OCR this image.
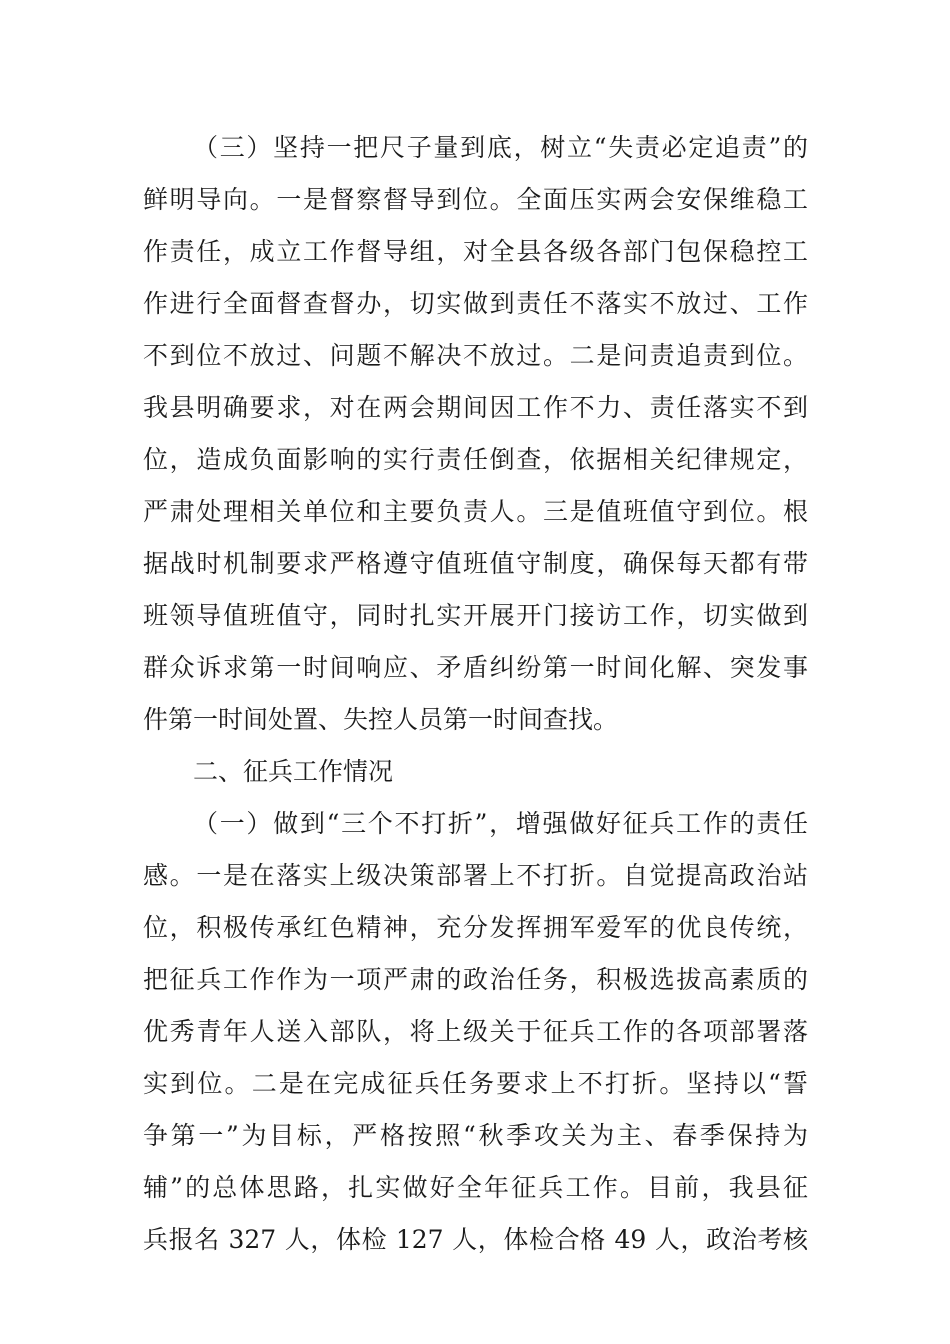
（三）坚持一把尺子量到底，树立“失责必定追责”的
鲜明导向。一是督察督导到位。全面压实两会安保维稳工
作责任，成立工作督导组，对全县各级各部门包保稳控工
作进行全面督查督办，切实做到责任不落实不放过、工作
不到位不放过、问题不解决不放过。二是问责追责到位。
我县明确要求，对在两会期间因工作不力、责任落实不到
位，造成负面影响的实行责任倒查，依据相关纪律规定，
严肃处理相关单位和主要负责人。三是值班值守到位。根
据战时机制要求严格遵守值班值守制度，确保每天都有带
班领导值班值守，同时扎实开展开门接访工作，切实做到
群众诉求第一时间响应、矛盾纠纷第一时间化解、突发事
件第一时间处置、失控人员第一时间查找。
二、征兵工作情况
（一）做到“三个不打折”，增强做好征兵工作的责任
感。一是在落实上级决策部署上不打折。自觉提高政治站
位，积极传承红色精神，充分发挥拥军爱军的优良传统，
把征兵工作作为一项严肃的政治任务，积极选拔高素质的
优秀青年人送入部队，将上级关于征兵工作的各项部署落
实到位。二是在完成征兵任务要求上不打折。坚持以“誓
争第一”为目标，严格按照“秋季攻关为主、春季保持为
辅”的总体思路，扎实做好全年征兵工作。目前，我县征
兵报名 327 人，体检 127 人，体检合格 49 人，政治考核
